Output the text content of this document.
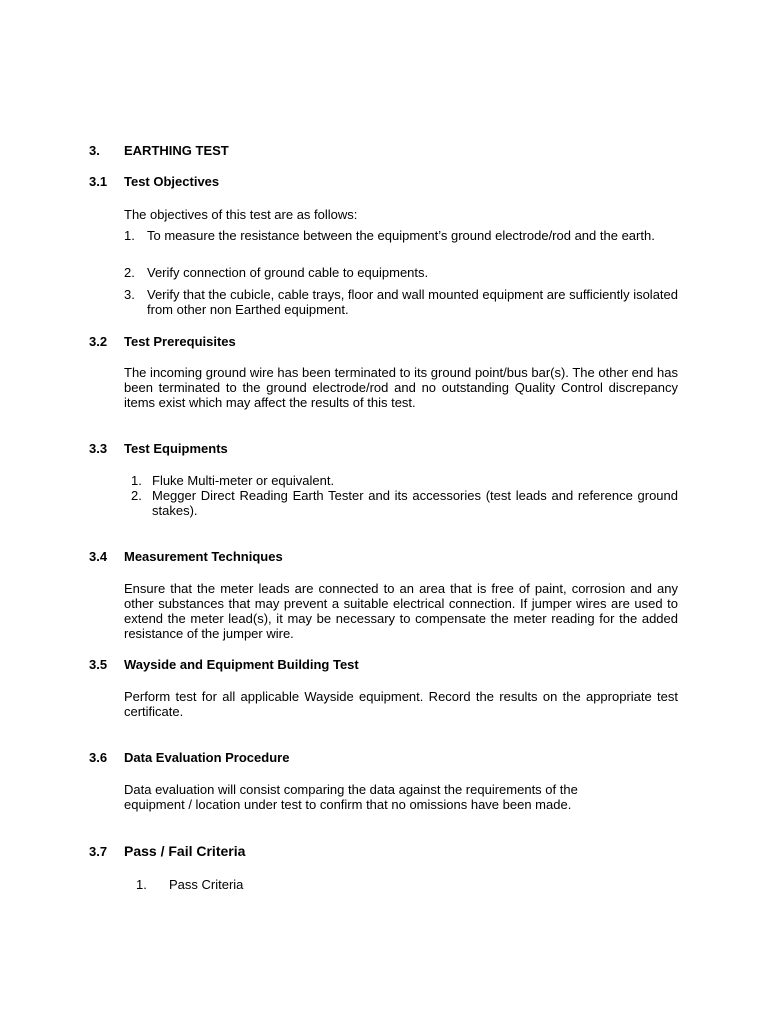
3. EARTHING TEST
3.1 Test Objectives
The objectives of this test are as follows:
1. To measure the resistance between the equipment’s ground electrode/rod and the earth.
2. Verify connection of ground cable to equipments.
3. Verify that the cubicle, cable trays, floor and wall mounted equipment are sufficiently isolated from other non Earthed equipment.
3.2 Test Prerequisites
The incoming ground wire has been terminated to its ground point/bus bar(s). The other end has been terminated to the ground electrode/rod and no outstanding Quality Control discrepancy items exist which may affect the results of this test.
3.3 Test Equipments
1. Fluke Multi-meter or equivalent.
2. Megger Direct Reading Earth Tester and its accessories (test leads and reference ground stakes).
3.4 Measurement Techniques
Ensure that the meter leads are connected to an area that is free of paint, corrosion and any other substances that may prevent a suitable electrical connection. If jumper wires are used to extend the meter lead(s), it may be necessary to compensate the meter reading for the added resistance of the jumper wire.
3.5 Wayside and Equipment Building Test
Perform test for all applicable Wayside equipment. Record the results on the appropriate test certificate.
3.6 Data Evaluation Procedure
Data evaluation will consist comparing the data against the requirements of the
equipment / location under test to confirm that no omissions have been made.
3.7 Pass / Fail Criteria
1. Pass Criteria
